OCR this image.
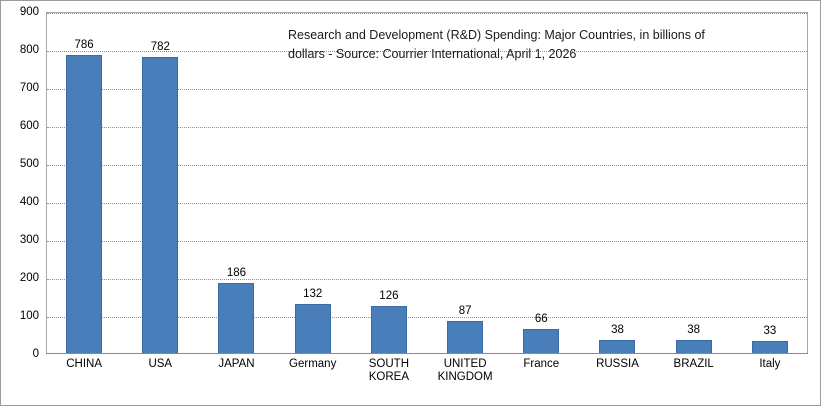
0
100
200
300
400
500
600
700
800
900
786	782
186
132	126
87
66
38	38	33
CHINA	USA	JAPAN	Germany	SOUTH
KOREA
UNITED
KINGDOM
France	RUSSIA	BRAZIL	Italy
Research and Development (R&D) Spending: Major Countries, in billions of
dollars - Source: Courrier International, April 1, 2026
